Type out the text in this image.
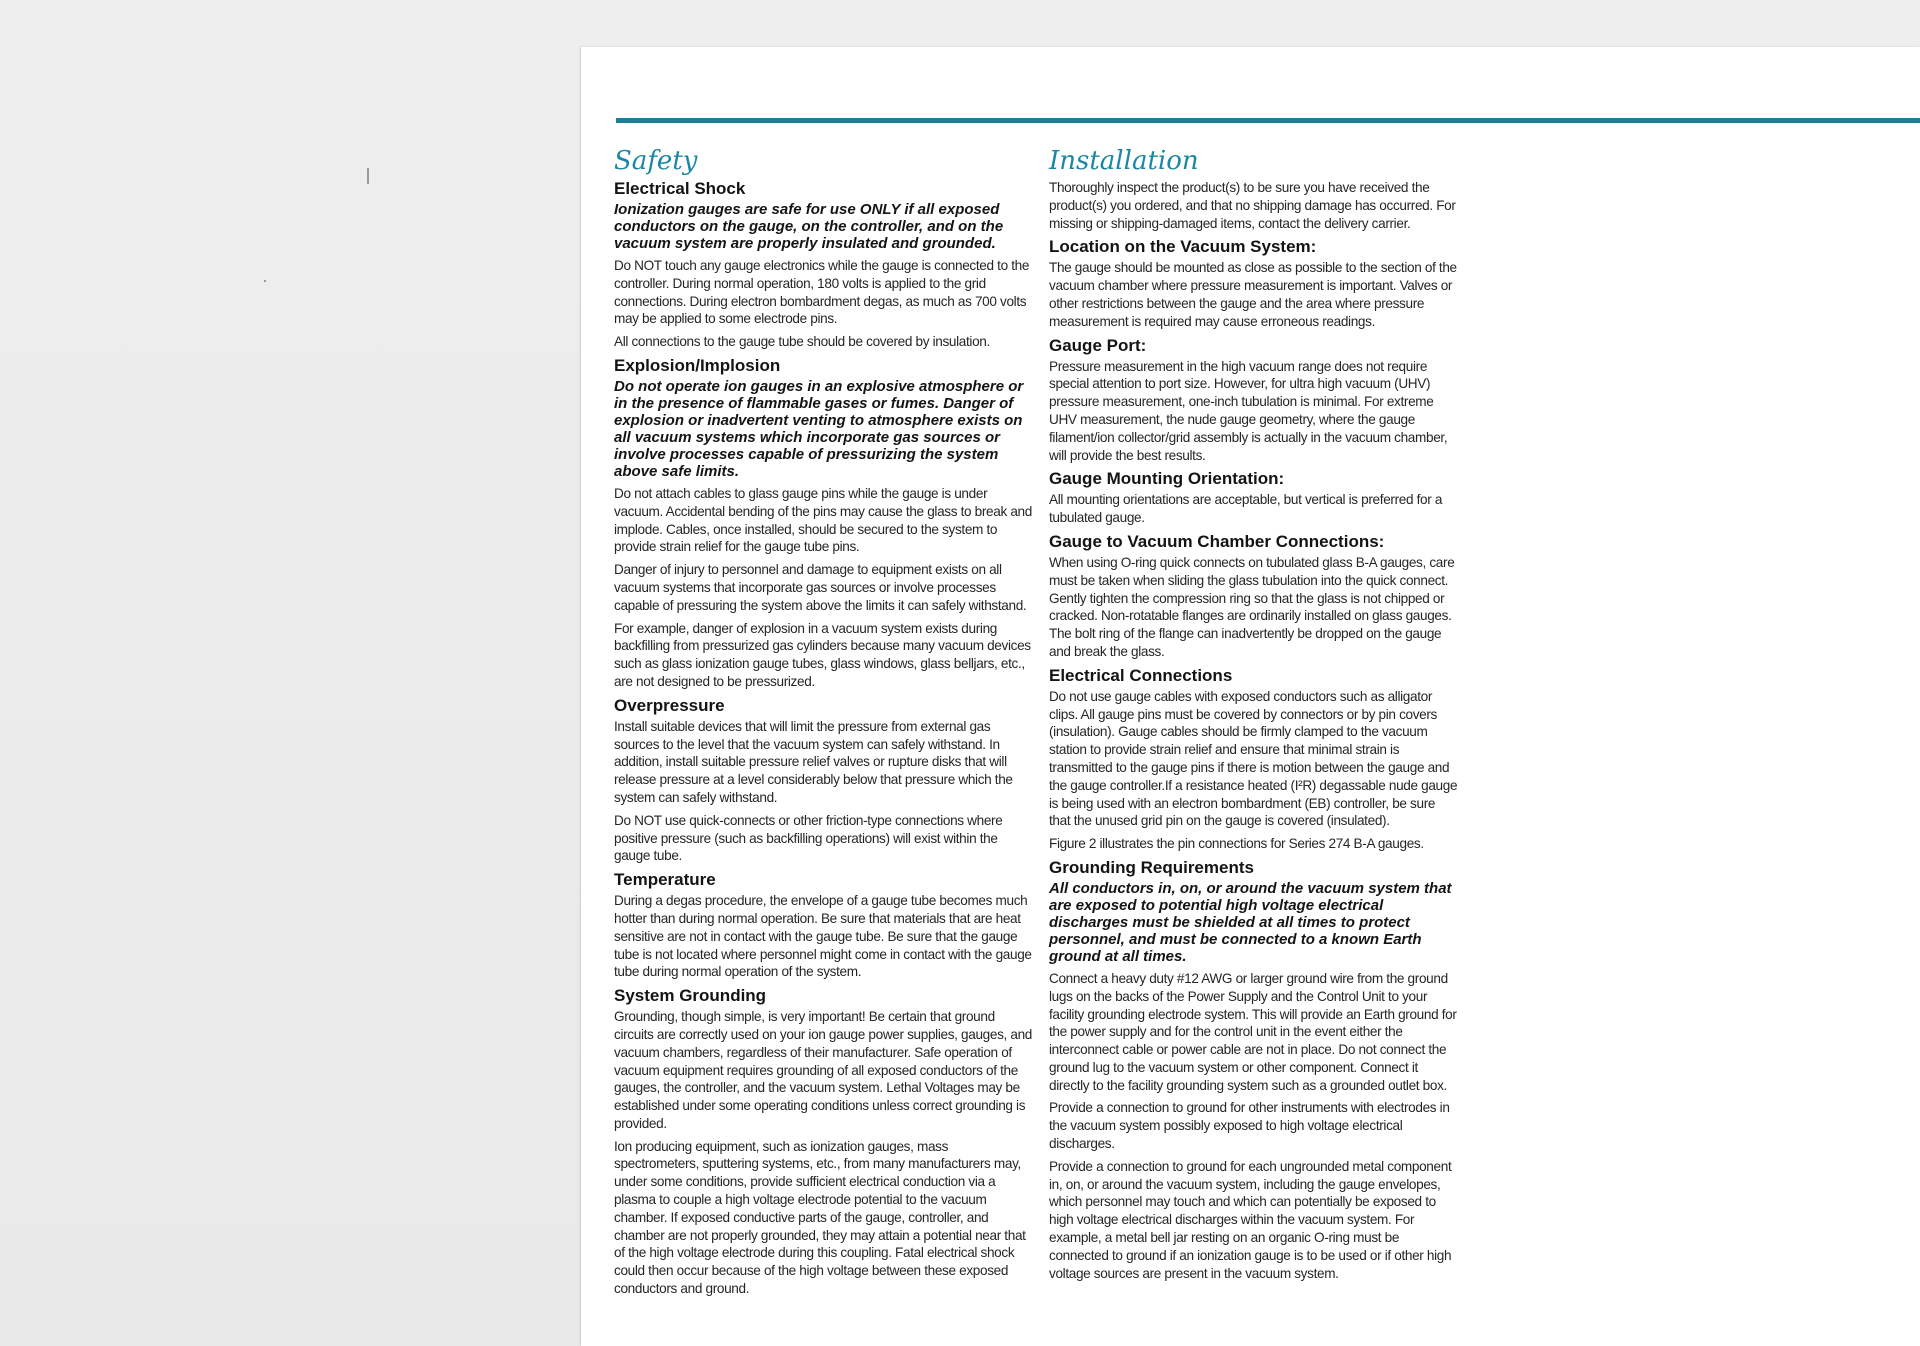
Safety
Electrical Shock

Ionization gauges are safe for use ONLY if all exposed conductors on the gauge, on the controller, and on the vacuum system are properly insulated and grounded.

Do NOT touch any gauge electronics while the gauge is connected to the controller. During normal operation, 180 volts is applied to the grid connections. During electron bombardment degas, as much as 700 volts may be applied to some electrode pins.

All connections to the gauge tube should be covered by insulation.

Explosion/Implosion

Do not operate ion gauges in an explosive atmosphere or in the presence of flammable gases or fumes. Danger of explosion or inadvertent venting to atmosphere exists on all vacuum systems which incorporate gas sources or involve processes capable of pressurizing the system above safe limits.

Do not attach cables to glass gauge pins while the gauge is under vacuum. Accidental bending of the pins may cause the glass to break and implode. Cables, once installed, should be secured to the system to provide strain relief for the gauge tube pins.

Danger of injury to personnel and damage to equipment exists on all vacuum systems that incorporate gas sources or involve processes capable of pressuring the system above the limits it can safely withstand.

For example, danger of explosion in a vacuum system exists during backfilling from pressurized gas cylinders because many vacuum devices such as glass ionization gauge tubes, glass windows, glass belljars, etc., are not designed to be pressurized.

Overpressure

Install suitable devices that will limit the pressure from external gas sources to the level that the vacuum system can safely withstand. In addition, install suitable pressure relief valves or rupture disks that will release pressure at a level considerably below that pressure which the system can safely withstand.

Do NOT use quick-connects or other friction-type connections where positive pressure (such as backfilling operations) will exist within the gauge tube.

Temperature

During a degas procedure, the envelope of a gauge tube becomes much hotter than during normal operation. Be sure that materials that are heat sensitive are not in contact with the gauge tube. Be sure that the gauge tube is not located where personnel might come in contact with the gauge tube during normal operation of the system.

System Grounding

Grounding, though simple, is very important! Be certain that ground circuits are correctly used on your ion gauge power supplies, gauges, and vacuum chambers, regardless of their manufacturer. Safe operation of vacuum equipment requires grounding of all exposed conductors of the gauges, the controller, and the vacuum system. Lethal Voltages may be established under some operating conditions unless correct grounding is provided.

Ion producing equipment, such as ionization gauges, mass spectrometers, sputtering systems, etc., from many manufacturers may, under some conditions, provide sufficient electrical conduction via a plasma to couple a high voltage electrode potential to the vacuum chamber. If exposed conductive parts of the gauge, controller, and chamber are not properly grounded, they may attain a potential near that of the high voltage electrode during this coupling. Fatal electrical shock could then occur because of the high voltage between these exposed conductors and ground.

Installation

Thoroughly inspect the product(s) to be sure you have received the product(s) you ordered, and that no shipping damage has occurred. For missing or shipping-damaged items, contact the delivery carrier.

Location on the Vacuum System:

The gauge should be mounted as close as possible to the section of the vacuum chamber where pressure measurement is important. Valves or other restrictions between the gauge and the area where pressure measurement is required may cause erroneous readings.

Gauge Port:

Pressure measurement in the high vacuum range does not require special attention to port size. However, for ultra high vacuum (UHV) pressure measurement, one-inch tubulation is minimal. For extreme UHV measurement, the nude gauge geometry, where the gauge filament/ion collector/grid assembly is actually in the vacuum chamber, will provide the best results.

Gauge Mounting Orientation:

All mounting orientations are acceptable, but vertical is preferred for a tubulated gauge.

Gauge to Vacuum Chamber Connections:

When using O-ring quick connects on tubulated glass B-A gauges, care must be taken when sliding the glass tubulation into the quick connect. Gently tighten the compression ring so that the glass is not chipped or cracked. Non-rotatable flanges are ordinarily installed on glass gauges. The bolt ring of the flange can inadvertently be dropped on the gauge and break the glass.

Electrical Connections

Do not use gauge cables with exposed conductors such as alligator clips. All gauge pins must be covered by connectors or by pin covers (insulation). Gauge cables should be firmly clamped to the vacuum station to provide strain relief and ensure that minimal strain is transmitted to the gauge pins if there is motion between the gauge and the gauge controller.If a resistance heated (I²R) degassable nude gauge is being used with an electron bombardment (EB) controller, be sure that the unused grid pin on the gauge is covered (insulated).

Figure 2 illustrates the pin connections for Series 274 B-A gauges.

Grounding Requirements

All conductors in, on, or around the vacuum system that are exposed to potential high voltage electrical discharges must be shielded at all times to protect personnel, and must be connected to a known Earth ground at all times.

Connect a heavy duty #12 AWG or larger ground wire from the ground lugs on the backs of the Power Supply and the Control Unit to your facility grounding electrode system. This will provide an Earth ground for the power supply and for the control unit in the event either the interconnect cable or power cable are not in place. Do not connect the ground lug to the vacuum system or other component. Connect it directly to the facility grounding system such as a grounded outlet box.

Provide a connection to ground for other instruments with electrodes in the vacuum system possibly exposed to high voltage electrical discharges.

Provide a connection to ground for each ungrounded metal component in, on, or around the vacuum system, including the gauge envelopes, which personnel may touch and which can potentially be exposed to high voltage electrical discharges within the vacuum system. For example, a metal bell jar resting on an organic O-ring must be connected to ground if an ionization gauge is to be used or if other high voltage sources are present in the vacuum system.
